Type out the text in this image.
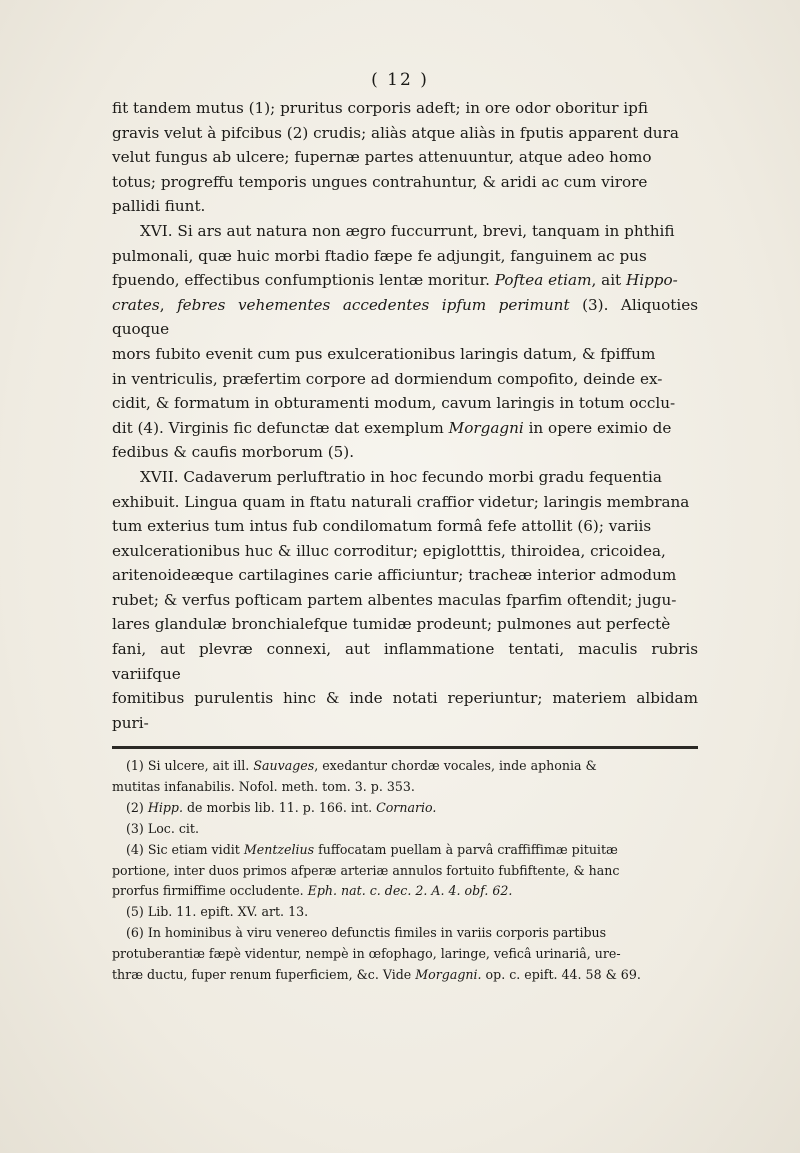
( 12 )

fit tandem mutus (1); pruritus corporis adeft; in ore odor oboritur ipfi

gravis velut à pifcibus (2) crudis; aliàs atque aliàs in fputis apparent dura

velut fungus ab ulcere; fupernæ partes attenuuntur, atque adeo homo

totus; progreffu temporis ungues contrahuntur, & aridi ac cum virore

pallidi fiunt.

XVI. Si ars aut natura non ægro fuccurrunt, brevi, tanquam in phthifi

pulmonali, quæ huic morbi ftadio fæpe fe adjungit, fanguinem ac pus

fpuendo, effectibus confumptionis lentæ moritur. Poftea etiam, ait Hippo-

crates, febres vehementes accedentes ipfum perimunt (3). Aliquoties quoque

mors fubito evenit cum pus exulcerationibus laringis datum, & fpiffum

in ventriculis, præfertim corpore ad dormiendum compofito, deinde ex-

cidit, & formatum in obturamenti modum, cavum laringis in totum occlu-

dit (4). Virginis fic defunctæ dat exemplum Morgagni in opere eximio de

fedibus & caufis morborum (5).

XVII. Cadaverum perluftratio in hoc fecundo morbi gradu fequentia

exhibuit. Lingua quam in ftatu naturali craffior videtur; laringis membrana

tum exterius tum intus fub condilomatum formâ fefe attollit (6); variis

exulcerationibus huc & illuc corroditur; epiglotttis, thiroidea, cricoidea,

aritenoideæque cartilagines carie afficiuntur; tracheæ interior admodum

rubet; & verfus pofticam partem albentes maculas fparfim oftendit; jugu-

lares glandulæ bronchialefque tumidæ prodeunt; pulmones aut perfectè

fani, aut plevræ connexi, aut inflammatione tentati, maculis rubris variifque

fomitibus purulentis hinc & inde notati reperiuntur; materiem albidam puri-

(1) Si ulcere, ait ill. Sauvages, exedantur chordæ vocales, inde aphonia &

mutitas infanabilis. Nofol. meth. tom. 3. p. 353.

(2) Hipp. de morbis lib. 11. p. 166. int. Cornario.

(3) Loc. cit.

(4) Sic etiam vidit Mentzelius fuffocatam puellam à parvâ craffiffimæ pituitæ

portione, inter duos primos afperæ arteriæ annulos fortuito fubfiftente, & hanc

prorfus firmiffime occludente. Eph. nat. c. dec. 2. A. 4. obf. 62.

(5) Lib. 11. epift. XV. art. 13.

(6) In hominibus à viru venereo defunctis fimiles in variis corporis partibus

protuberantiæ fæpè videntur, nempè in œfophago, laringe, veficâ urinariâ, ure-

thræ ductu, fuper renum fuperficiem, &c. Vide Morgagni. op. c. epift. 44. 58 & 69.
